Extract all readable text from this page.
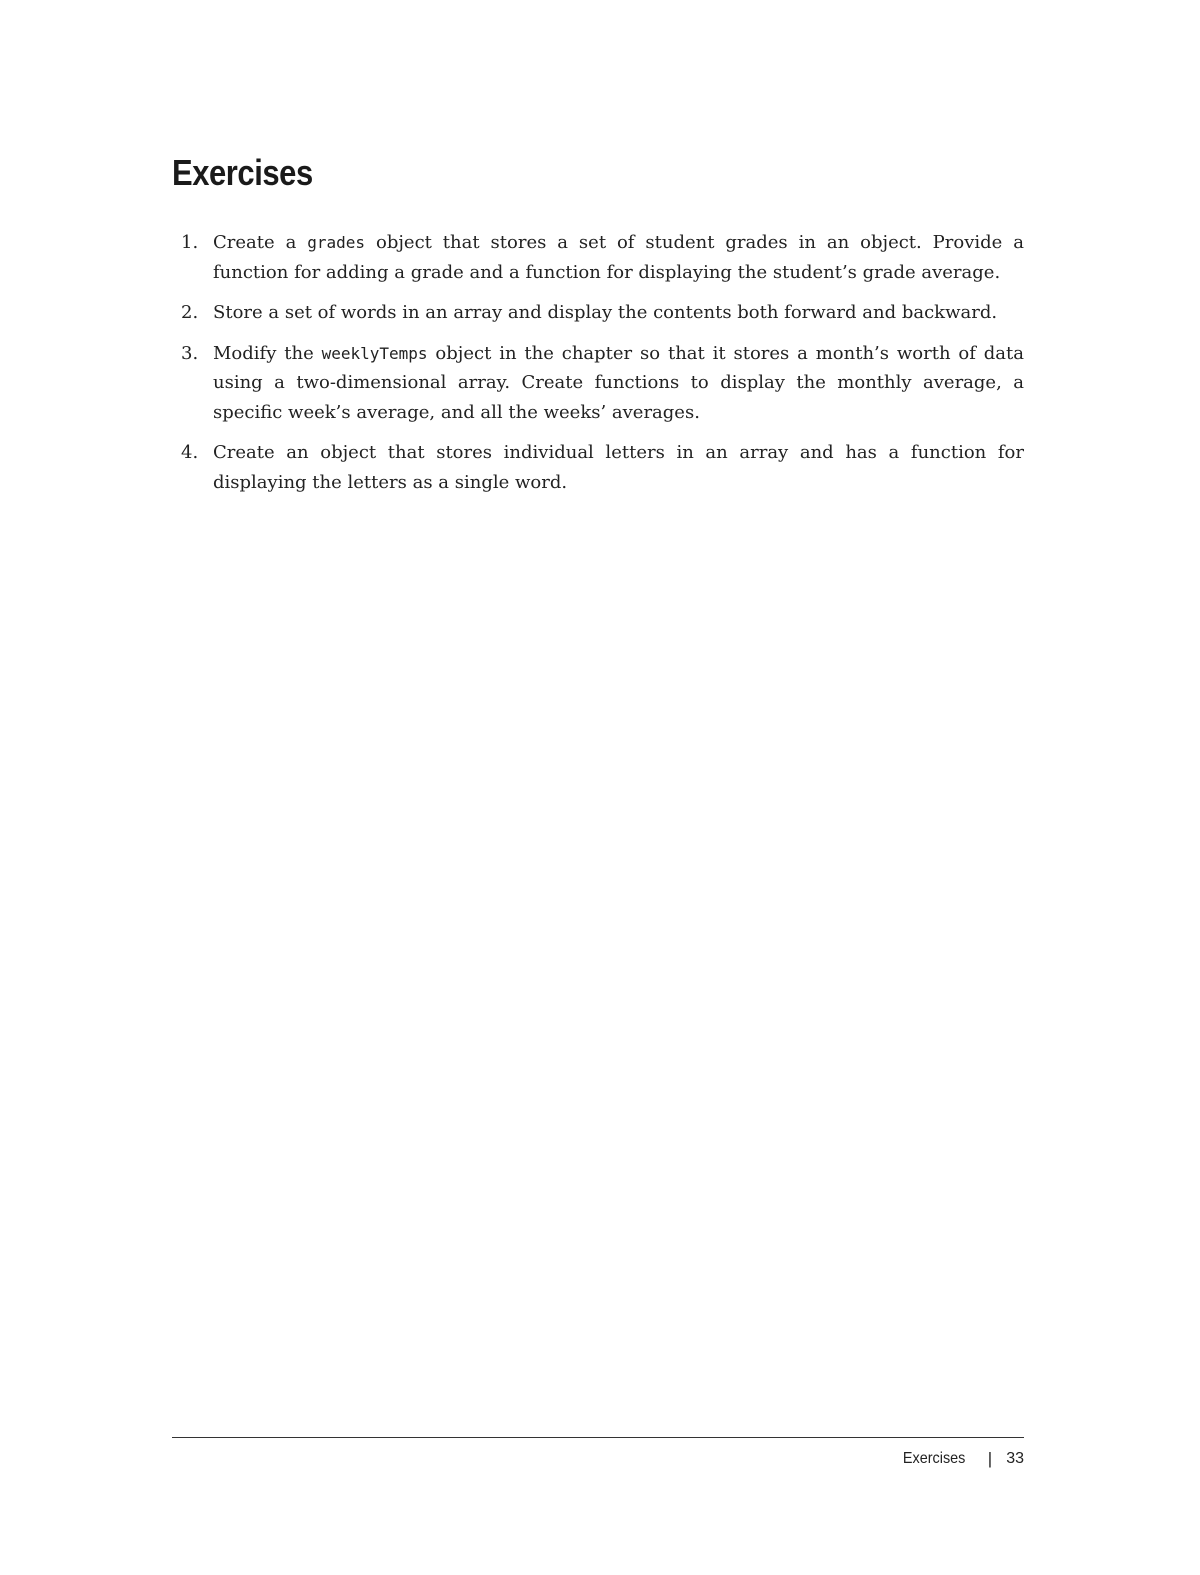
Exercises
1. Create a grades object that stores a set of student grades in an object. Provide a function for adding a grade and a function for displaying the student’s grade average.
2. Store a set of words in an array and display the contents both forward and backward.
3. Modify the weeklyTemps object in the chapter so that it stores a month’s worth of data using a two-dimensional array. Create functions to display the monthly average, a specific week’s average, and all the weeks’ averages.
4. Create an object that stores individual letters in an array and has a function for displaying the letters as a single word.
Exercises | 33
